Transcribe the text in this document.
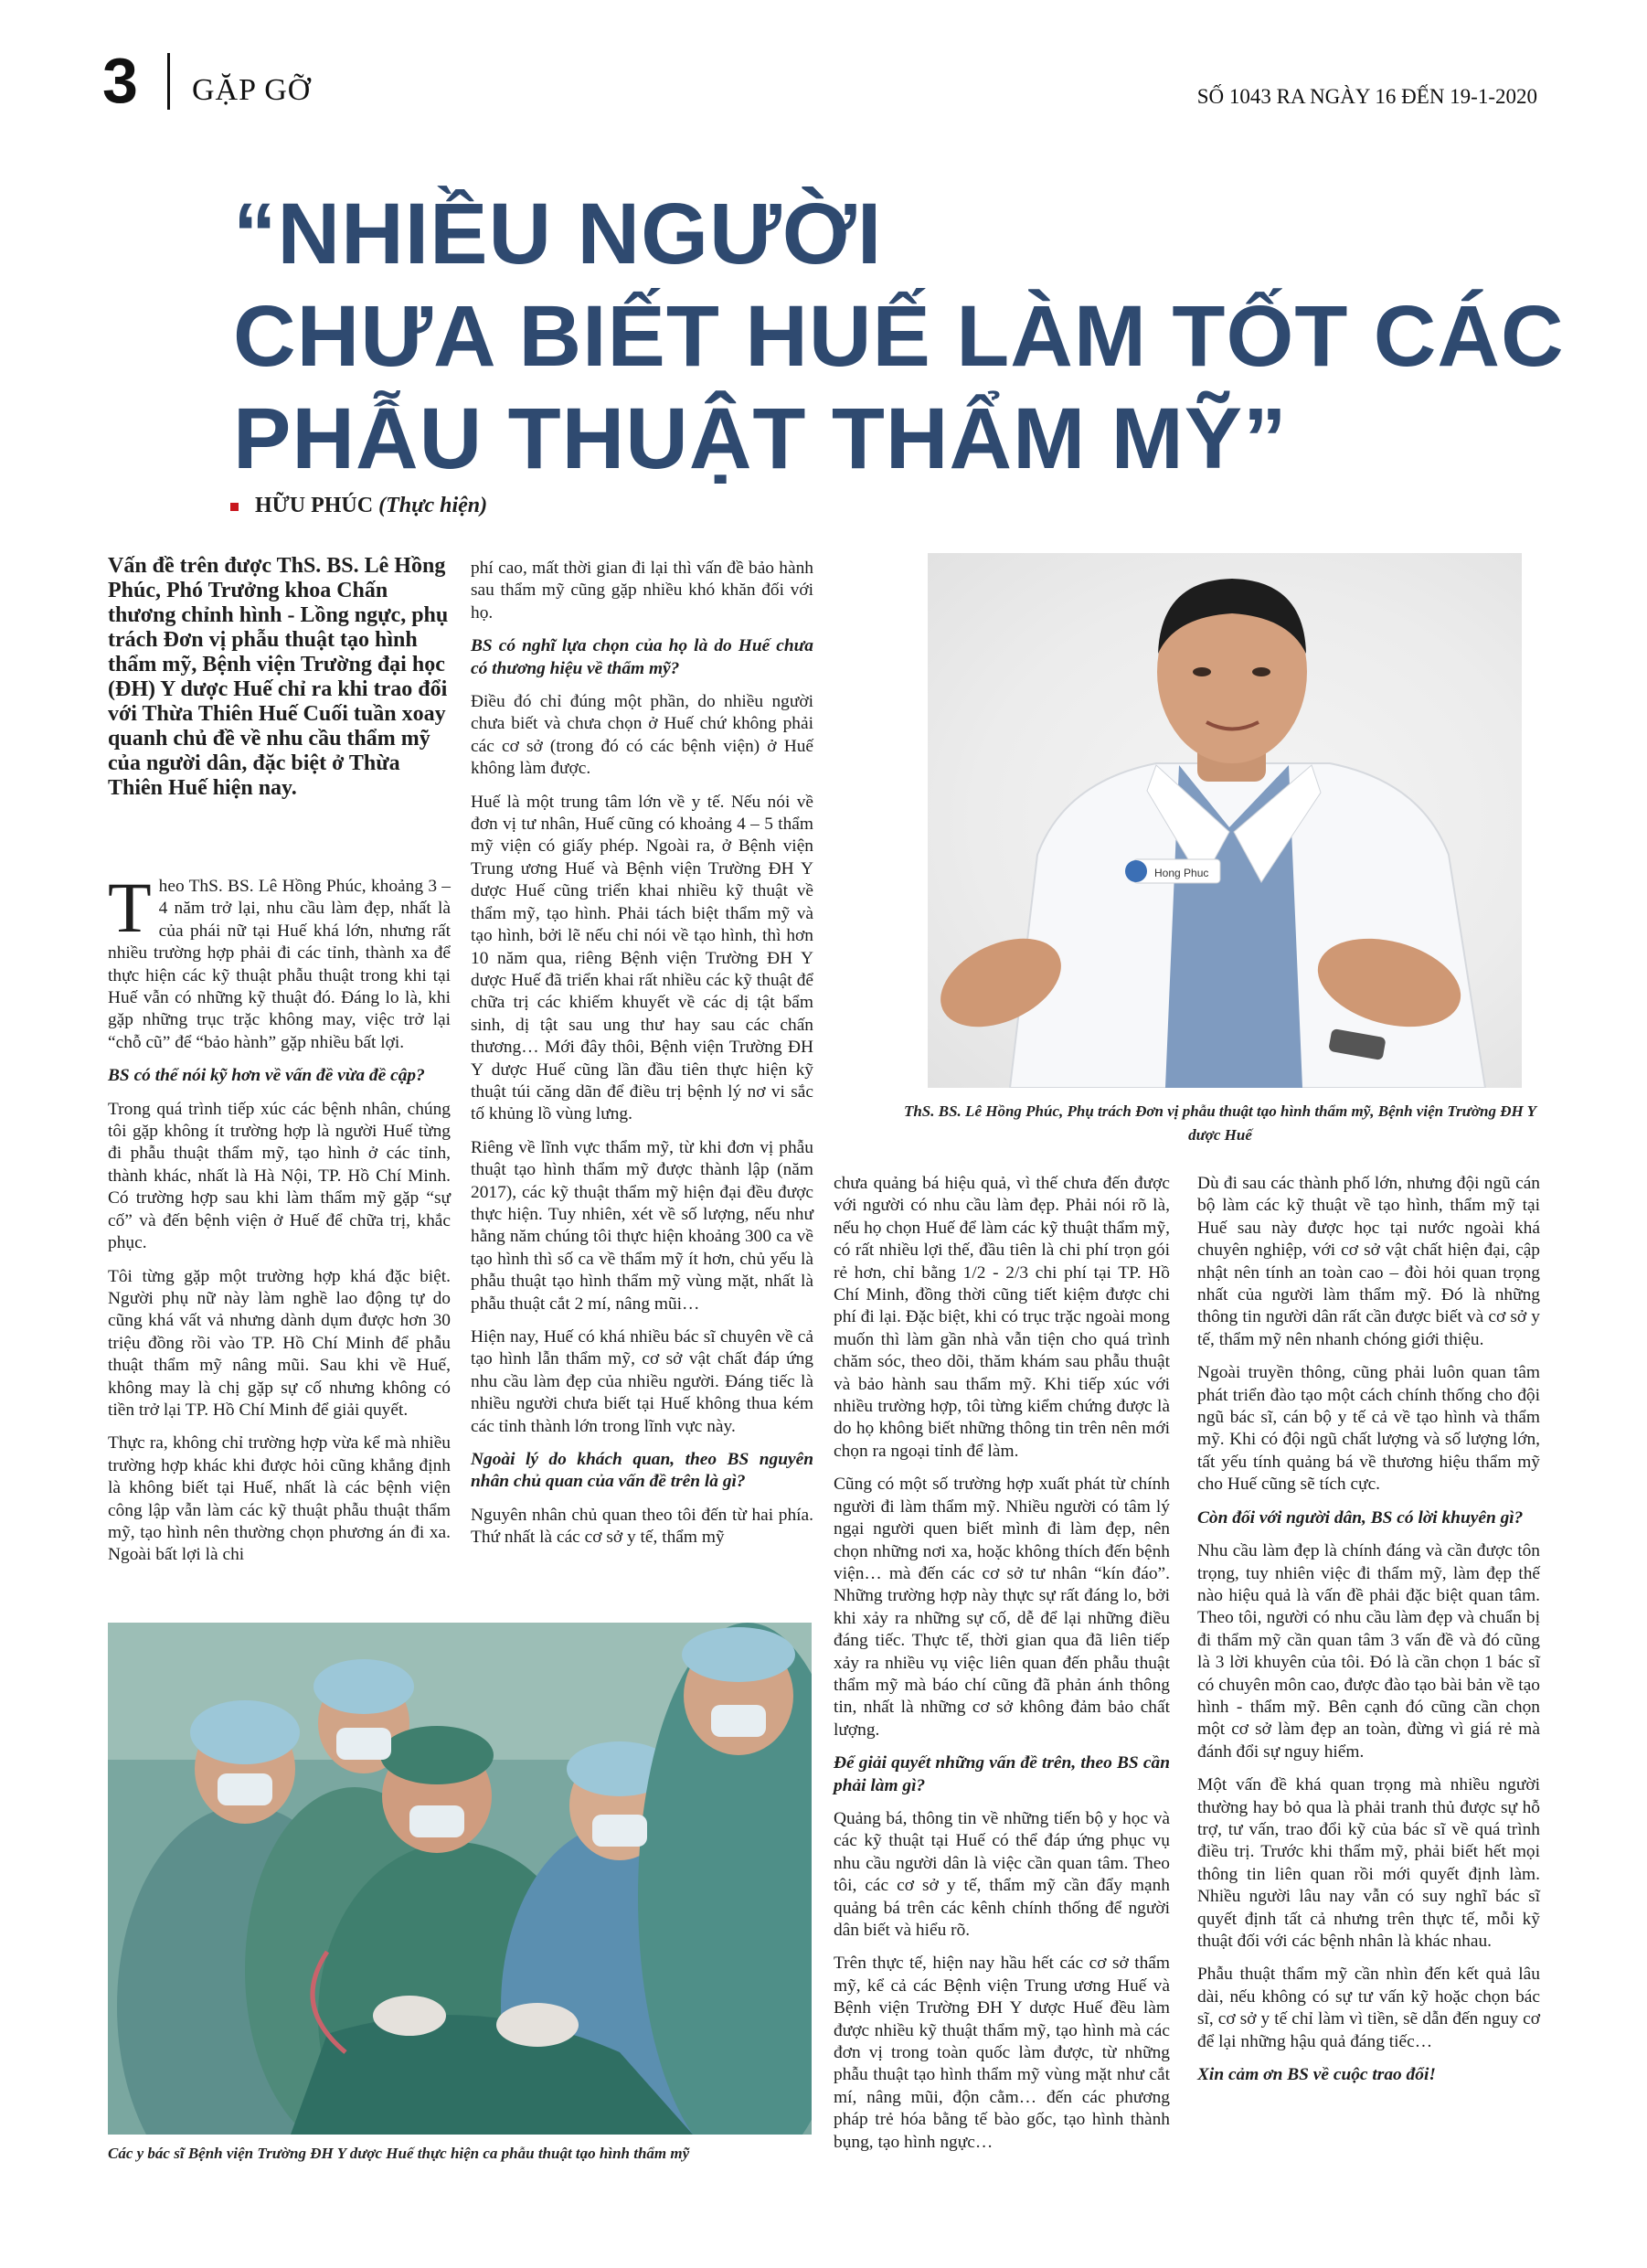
3 GẶP GỠ	SỐ 1043 RA NGÀY 16 ĐẾN 19-1-2020
“NHIỀU NGƯỜI
CHƯA BIẾT HUẾ LÀM TỐT CÁC
PHẪU THUẬT THẨM MỸ”
HỮU PHÚC (Thực hiện)
Vấn đề trên được ThS. BS. Lê Hồng Phúc, Phó Trưởng khoa Chấn thương chỉnh hình - Lồng ngực, phụ trách Đơn vị phẫu thuật tạo hình thẩm mỹ, Bệnh viện Trường đại học (ĐH) Y dược Huế chỉ ra khi trao đổi với Thừa Thiên Huế Cuối tuần xoay quanh chủ đề về nhu cầu thẩm mỹ của người dân, đặc biệt ở Thừa Thiên Huế hiện nay.

Theo ThS. BS. Lê Hồng Phúc, khoảng 3 – 4 năm trở lại, nhu cầu làm đẹp, nhất là của phái nữ tại Huế khá lớn, nhưng rất nhiều trường hợp phải đi các tỉnh, thành xa để thực hiện các kỹ thuật phẫu thuật trong khi tại Huế vẫn có những kỹ thuật đó. Đáng lo là, khi gặp những trục trặc không may, việc trở lại “chỗ cũ” để “bảo hành” gặp nhiều bất lợi.

BS có thể nói kỹ hơn về vấn đề vừa đề cập?

Trong quá trình tiếp xúc các bệnh nhân, chúng tôi gặp không ít trường hợp là người Huế từng đi phẫu thuật thẩm mỹ, tạo hình ở các tỉnh, thành khác, nhất là Hà Nội, TP. Hồ Chí Minh. Có trường hợp sau khi làm thẩm mỹ gặp “sự cố” và đến bệnh viện ở Huế để chữa trị, khắc phục.

Tôi từng gặp một trường hợp khá đặc biệt. Người phụ nữ này làm nghề lao động tự do cũng khá vất vả nhưng dành dụm được hơn 30 triệu đồng rồi vào TP. Hồ Chí Minh để phẫu thuật thẩm mỹ nâng mũi. Sau khi về Huế, không may là chị gặp sự cố nhưng không có tiền trở lại TP. Hồ Chí Minh để giải quyết.

Thực ra, không chỉ trường hợp vừa kể mà nhiều trường hợp khác khi được hỏi cũng khẳng định là không biết tại Huế, nhất là các bệnh viện công lập vẫn làm các kỹ thuật phẫu thuật thẩm mỹ, tạo hình nên thường chọn phương án đi xa. Ngoài bất lợi là chi

phí cao, mất thời gian đi lại thì vấn đề bảo hành sau thẩm mỹ cũng gặp nhiều khó khăn đối với họ.

BS có nghĩ lựa chọn của họ là do Huế chưa có thương hiệu về thẩm mỹ?

Điều đó chỉ đúng một phần, do nhiều người chưa biết và chưa chọn ở Huế chứ không phải các cơ sở (trong đó có các bệnh viện) ở Huế không làm được.

Huế là một trung tâm lớn về y tế. Nếu nói về đơn vị tư nhân, Huế cũng có khoảng 4 – 5 thẩm mỹ viện có giấy phép. Ngoài ra, ở Bệnh viện Trung ương Huế và Bệnh viện Trường ĐH Y dược Huế cũng triển khai nhiều kỹ thuật về thẩm mỹ, tạo hình. Phải tách biệt thẩm mỹ và tạo hình, bởi lẽ nếu chỉ nói về tạo hình, thì hơn 10 năm qua, riêng Bệnh viện Trường ĐH Y dược Huế đã triển khai rất nhiều các kỹ thuật để chữa trị các khiếm khuyết về các dị tật bẩm sinh, dị tật sau ung thư hay sau các chấn thương… Mới đây thôi, Bệnh viện Trường ĐH Y dược Huế cũng lần đầu tiên thực hiện kỹ thuật túi căng dãn để điều trị bệnh lý nơ vi sắc tố khủng lồ vùng lưng.

Riêng về lĩnh vực thẩm mỹ, từ khi đơn vị phẫu thuật tạo hình thẩm mỹ được thành lập (năm 2017), các kỹ thuật thẩm mỹ hiện đại đều được thực hiện. Tuy nhiên, xét về số lượng, nếu như hằng năm chúng tôi thực hiện khoảng 300 ca về tạo hình thì số ca về thẩm mỹ ít hơn, chủ yếu là phẫu thuật tạo hình thẩm mỹ vùng mặt, nhất là phẫu thuật cắt 2 mí, nâng mũi…

Hiện nay, Huế có khá nhiều bác sĩ chuyên về cả tạo hình lẫn thẩm mỹ, cơ sở vật chất đáp ứng nhu cầu làm đẹp của nhiều người. Đáng tiếc là nhiều người chưa biết tại Huế không thua kém các tỉnh thành lớn trong lĩnh vực này.

Ngoài lý do khách quan, theo BS nguyên nhân chủ quan của vấn đề trên là gì?

Nguyên nhân chủ quan theo tôi đến từ hai phía. Thứ nhất là các cơ sở y tế, thẩm mỹ

Hong Phuc
ThS. BS. Lê Hồng Phúc, Phụ trách Đơn vị phẫu thuật tạo hình thẩm mỹ, Bệnh viện Trường ĐH Y dược Huế

chưa quảng bá hiệu quả, vì thế chưa đến được với người có nhu cầu làm đẹp. Phải nói rõ là, nếu họ chọn Huế để làm các kỹ thuật thẩm mỹ, có rất nhiều lợi thế, đầu tiên là chi phí trọn gói rẻ hơn, chỉ bằng 1/2 - 2/3 chi phí tại TP. Hồ Chí Minh, đồng thời cũng tiết kiệm được chi phí đi lại. Đặc biệt, khi có trục trặc ngoài mong muốn thì làm gần nhà vẫn tiện cho quá trình chăm sóc, theo dõi, thăm khám sau phẫu thuật và bảo hành sau thẩm mỹ. Khi tiếp xúc với nhiều trường hợp, tôi từng kiểm chứng được là do họ không biết những thông tin trên nên mới chọn ra ngoại tỉnh để làm.

Cũng có một số trường hợp xuất phát từ chính người đi làm thẩm mỹ. Nhiều người có tâm lý ngại người quen biết mình đi làm đẹp, nên chọn những nơi xa, hoặc không thích đến bệnh viện… mà đến các cơ sở tư nhân “kín đáo”. Những trường hợp này thực sự rất đáng lo, bởi khi xảy ra những sự cố, dễ để lại những điều đáng tiếc. Thực tế, thời gian qua đã liên tiếp xảy ra nhiều vụ việc liên quan đến phẫu thuật thẩm mỹ mà báo chí cũng đã phản ánh thông tin, nhất là những cơ sở không đảm bảo chất lượng.

Để giải quyết những vấn đề trên, theo BS cần phải làm gì?

Quảng bá, thông tin về những tiến bộ y học và các kỹ thuật tại Huế có thể đáp ứng phục vụ nhu cầu người dân là việc cần quan tâm. Theo tôi, các cơ sở y tế, thẩm mỹ cần đẩy mạnh quảng bá trên các kênh chính thống để người dân biết và hiểu rõ.

Trên thực tế, hiện nay hầu hết các cơ sở thẩm mỹ, kể cả các Bệnh viện Trung ương Huế và Bệnh viện Trường ĐH Y dược Huế đều làm được nhiều kỹ thuật thẩm mỹ, tạo hình mà các đơn vị trong toàn quốc làm được, từ những phẫu thuật tạo hình thẩm mỹ vùng mặt như cắt mí, nâng mũi, độn cằm… đến các phương pháp trẻ hóa bằng tế bào gốc, tạo hình thành bụng, tạo hình ngực…

Dù đi sau các thành phố lớn, nhưng đội ngũ cán bộ làm các kỹ thuật về tạo hình, thẩm mỹ tại Huế sau này được học tại nước ngoài khá chuyên nghiệp, với cơ sở vật chất hiện đại, cập nhật nên tính an toàn cao – đòi hỏi quan trọng nhất của người làm thẩm mỹ. Đó là những thông tin người dân rất cần được biết và cơ sở y tế, thẩm mỹ nên nhanh chóng giới thiệu.

Ngoài truyền thông, cũng phải luôn quan tâm phát triển đào tạo một cách chính thống cho đội ngũ bác sĩ, cán bộ y tế cả về tạo hình và thẩm mỹ. Khi có đội ngũ chất lượng và số lượng lớn, tất yếu tính quảng bá về thương hiệu thẩm mỹ cho Huế cũng sẽ tích cực.

Còn đối với người dân, BS có lời khuyên gì?

Nhu cầu làm đẹp là chính đáng và cần được tôn trọng, tuy nhiên việc đi thẩm mỹ, làm đẹp thế nào hiệu quả là vấn đề phải đặc biệt quan tâm. Theo tôi, người có nhu cầu làm đẹp và chuẩn bị đi thẩm mỹ cần quan tâm 3 vấn đề và đó cũng là 3 lời khuyên của tôi. Đó là cần chọn 1 bác sĩ có chuyên môn cao, được đào tạo bài bản về tạo hình - thẩm mỹ. Bên cạnh đó cũng cần chọn một cơ sở làm đẹp an toàn, đừng vì giá rẻ mà đánh đổi sự nguy hiểm.

Một vấn đề khá quan trọng mà nhiều người thường hay bỏ qua là phải tranh thủ được sự hỗ trợ, tư vấn, trao đổi kỹ của bác sĩ về quá trình điều trị. Trước khi thẩm mỹ, phải biết hết mọi thông tin liên quan rồi mới quyết định làm. Nhiều người lâu nay vẫn có suy nghĩ bác sĩ quyết định tất cả nhưng trên thực tế, mỗi kỹ thuật đối với các bệnh nhân là khác nhau.

Phẫu thuật thẩm mỹ cần nhìn đến kết quả lâu dài, nếu không có sự tư vấn kỹ hoặc chọn bác sĩ, cơ sở y tế chỉ làm vì tiền, sẽ dẫn đến nguy cơ để lại những hậu quả đáng tiếc…

Xin cảm ơn BS về cuộc trao đổi!

Các y bác sĩ Bệnh viện Trường ĐH Y dược Huế thực hiện ca phẫu thuật tạo hình thẩm mỹ
